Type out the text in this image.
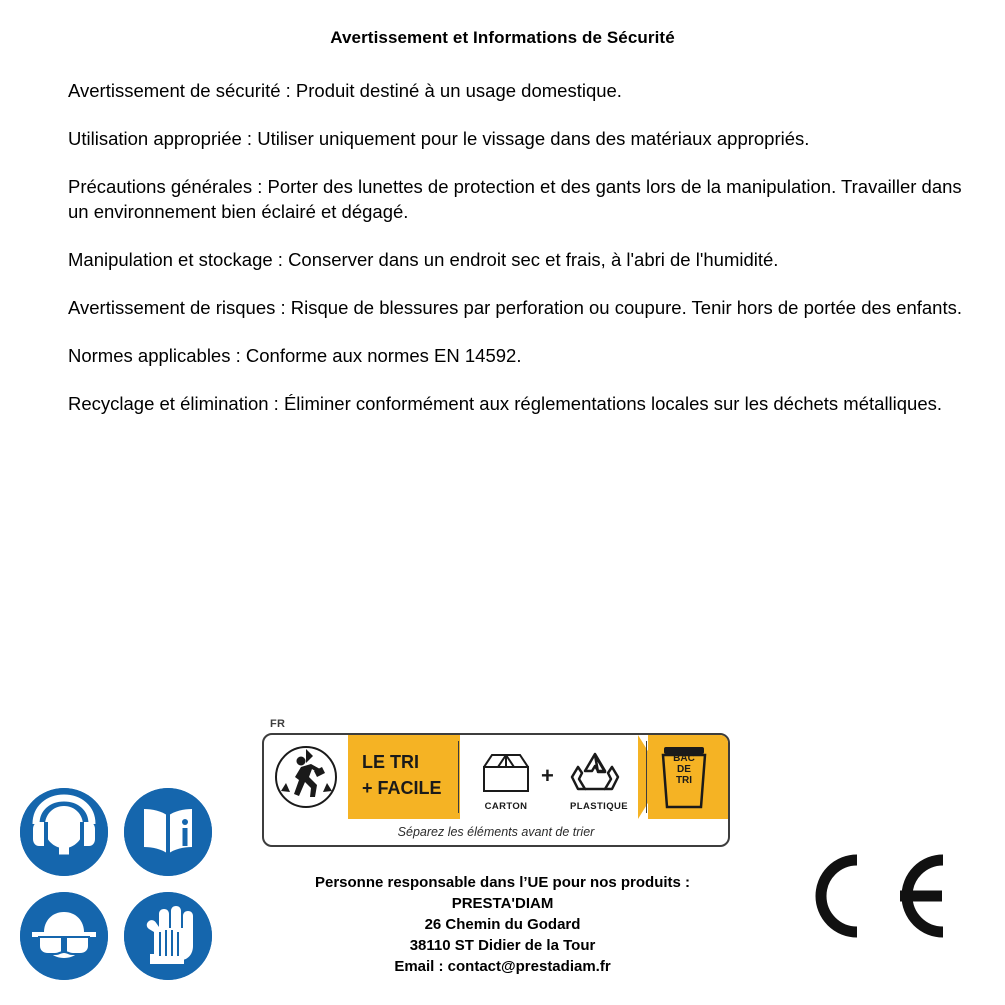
Avertissement et Informations de Sécurité
Avertissement de sécurité : Produit destiné à un usage domestique.
Utilisation appropriée : Utiliser uniquement pour le vissage dans des matériaux appropriés.
Précautions générales : Porter des lunettes de protection et des gants lors de la manipulation. Travailler dans un environnement bien éclairé et dégagé.
Manipulation et stockage : Conserver dans un endroit sec et frais, à l'abri de l'humidité.
Avertissement de risques : Risque de blessures par perforation ou coupure. Tenir hors de portée des enfants.
Normes applicables : Conforme aux normes EN 14592.
Recyclage et élimination : Éliminer conformément aux réglementations locales sur les déchets métalliques.
FR
LE TRI
+ FACILE	+
CARTON	PLASTIQUE
BAC
DE
TRI
Séparez les éléments avant de trier
Personne responsable dans l’UE pour nos produits :
PRESTA'DIAM
26 Chemin du Godard
38110 ST Didier de la Tour
Email : contact@prestadiam.fr
